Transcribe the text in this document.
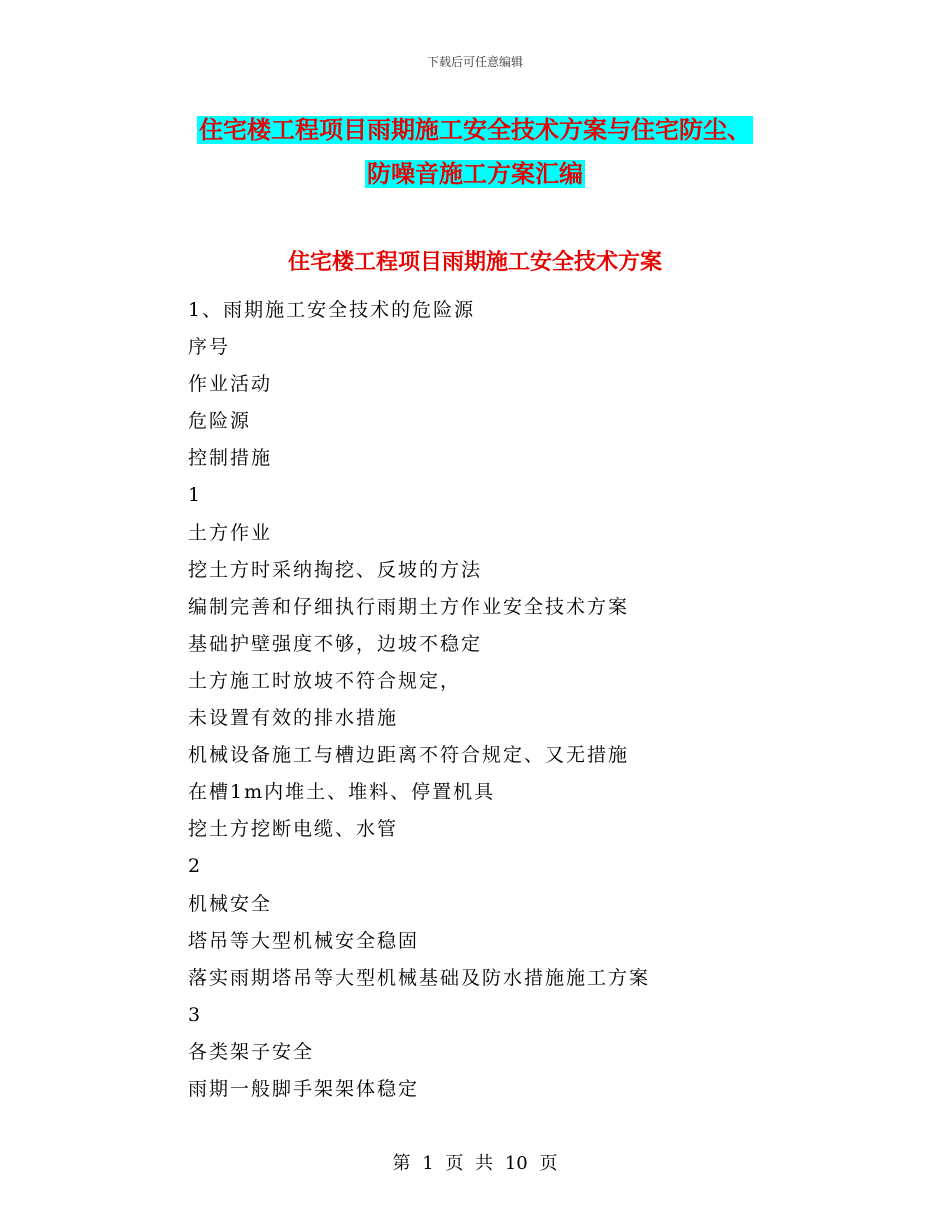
下载后可任意编辑
住宅楼工程项目雨期施工安全技术方案与住宅防尘、
防噪音施工方案汇编
住宅楼工程项目雨期施工安全技术方案
1、雨期施工安全技术的危险源
序号
作业活动
危险源
控制措施
1
土方作业
挖土方时采纳掏挖、反坡的方法
编制完善和仔细执行雨期土方作业安全技术方案
基础护壁强度不够，边坡不稳定
土方施工时放坡不符合规定，
未设置有效的排水措施
机械设备施工与槽边距离不符合规定、又无措施
在槽1m内堆土、堆料、停置机具
挖土方挖断电缆、水管
2
机械安全
塔吊等大型机械安全稳固
落实雨期塔吊等大型机械基础及防水措施施工方案
3
各类架子安全
雨期一般脚手架架体稳定
第 1 页 共 10 页
